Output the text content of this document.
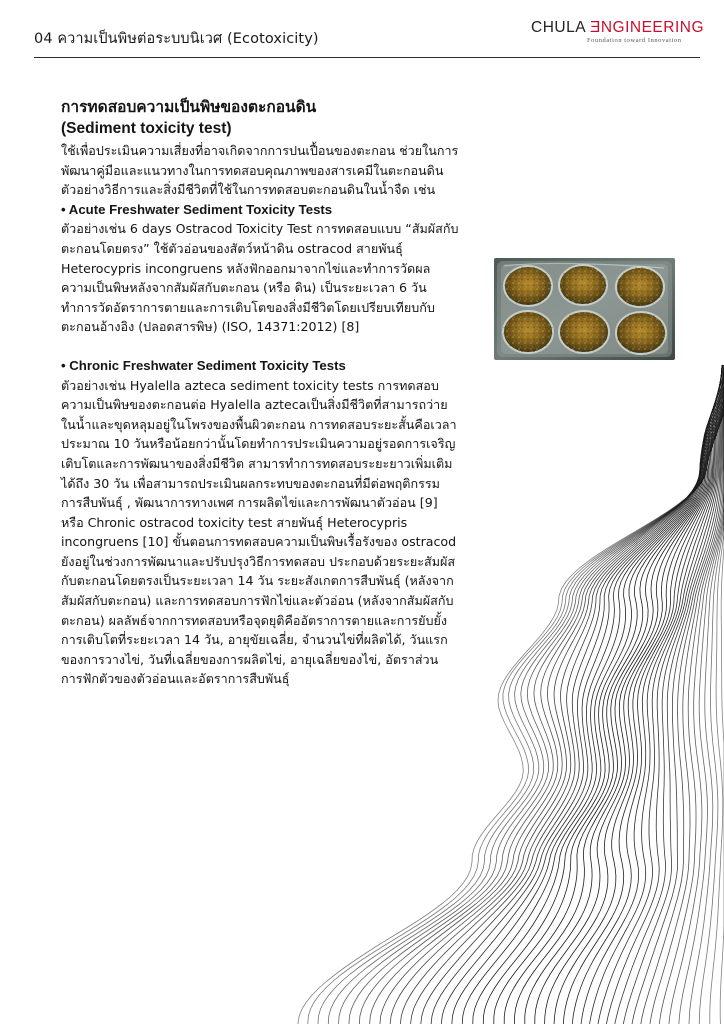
04 ความเป็นพิษต่อระบบนิเวศ (Ecotoxicity)
CHULA ƎNGINEERING
Foundation toward Innovation

การทดสอบความเป็นพิษของตะกอนดิน

(Sediment toxicity test)

ใช้เพื่อประเมินความเสี่ยงที่อาจเกิดจากการปนเปื้อนของตะกอน ช่วยในการพัฒนาคู่มือและแนวทางในการทดสอบคุณภาพของสารเคมีในตะกอนดินตัวอย่างวิธีการและสิ่งมีชีวิตที่ใช้ในการทดสอบตะกอนดินในน้ำจืด เช่น

• Acute Freshwater Sediment Toxicity Tests

ตัวอย่างเช่น 6 days Ostracod Toxicity Test การทดสอบแบบ “สัมผัสกับตะกอนโดยตรง” ใช้ตัวอ่อนของสัตว์หน้าดิน ostracod สายพันธุ์ Heterocypris incongruens หลังฟักออกมาจากไข่และทำการวัดผลความเป็นพิษหลังจากสัมผัสกับตะกอน (หรือ ดิน) เป็นระยะเวลา 6 วัน ทำการวัดอัตราการตายและการเติบโตของสิ่งมีชีวิตโดยเปรียบเทียบกับตะกอนอ้างอิง (ปลอดสารพิษ) (ISO, 14371:2012) [8]

• Chronic Freshwater Sediment Toxicity Tests

ตัวอย่างเช่น Hyalella azteca sediment toxicity tests การทดสอบความเป็นพิษของตะกอนต่อ Hyalella aztecaเป็นสิ่งมีชีวิตที่สามารถว่ายในน้ำและขุดหลุมอยู่ในโพรงของพื้นผิวตะกอน การทดสอบระยะสั้นคือเวลาประมาณ 10 วันหรือน้อยกว่านั้นโดยทำการประเมินความอยู่รอดการเจริญเติบโตและการพัฒนาของสิ่งมีชีวิต สามารทำการทดสอบระยะยาวเพิ่มเติมได้ถึง 30 วัน เพื่อสามารถประเมินผลกระทบของตะกอนที่มีต่อพฤติกรรมการสืบพันธุ์ , พัฒนาการทางเพศ การผลิตไข่และการพัฒนาตัวอ่อน [9] หรือ Chronic ostracod toxicity test สายพันธุ์ Heterocypris incongruens [10] ขั้นตอนการทดสอบความเป็นพิษเรื้อรังของ ostracod ยังอยู่ในช่วงการพัฒนาและปรับปรุงวิธีการทดสอบ ประกอบด้วยระยะสัมผัสกับตะกอนโดยตรงเป็นระยะเวลา 14 วัน ระยะสังเกตการสืบพันธุ์ (หลังจากสัมผัสกับตะกอน) และการทดสอบการฟักไข่และตัวอ่อน (หลังจากสัมผัสกับตะกอน) ผลลัพธ์จากการทดสอบหรือจุดยุติคืออัตราการตายและการยับยั้งการเติบโตที่ระยะเวลา 14 วัน, อายุขัยเฉลี่ย, จำนวนไข่ที่ผลิตได้, วันแรกของการวางไข่, วันที่เฉลี่ยของการผลิตไข่, อายุเฉลี่ยของไข่, อัตราส่วนการฟักตัวของตัวอ่อนและอัตราการสืบพันธุ์
